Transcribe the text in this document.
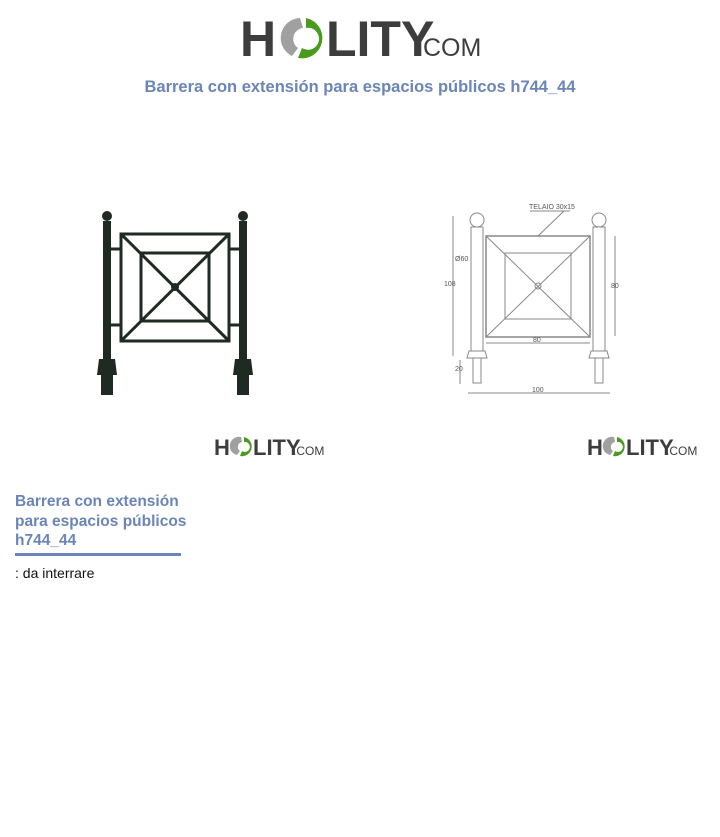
H LITY
.COM
Barrera con extensión para espacios públicos h744_44
TELAIO 30x15
Ø60
108	80
80
20
100
H LITY
.COM	H LITY
.COM
Barrera con extensión para espacios públicos h744_44
: da interrare
